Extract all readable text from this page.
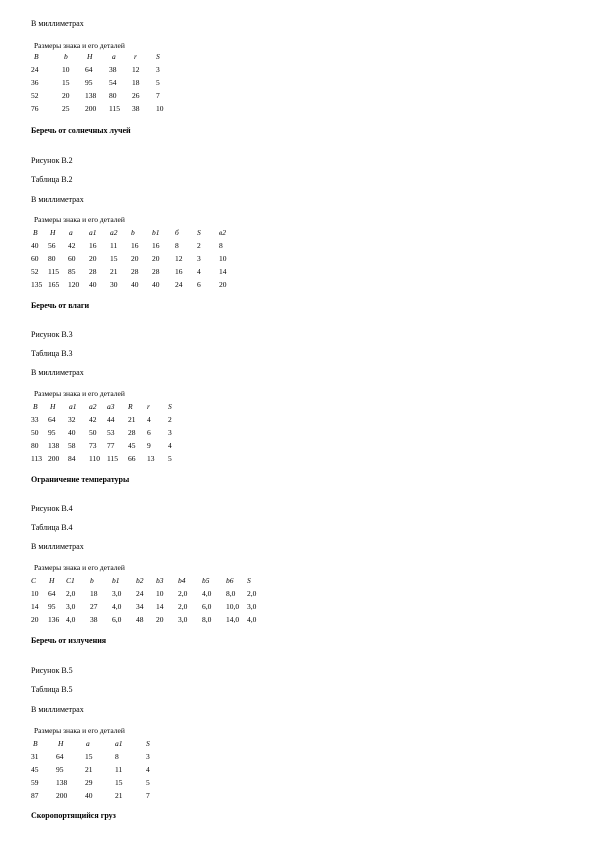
В миллиметрах
Размеры знака и его деталей
B	b	H	a r	S
24	10 64 38 12 3
36	15 95 54 18 5
52	20 138 80 26 7
76	25 200 115 38 10
Беречь от солнечных лучей
Рисунок В.2
Таблица В.2
В миллиметрах
Размеры знака и его деталей
B H a a1 a2 b b1 б S в2
40 56 42 16 11 16 16 8 2 8
60 80 60 20 15 20 20 12 3 10
52 115 85 28 21 28 28 16 4 14
135 165 120 40 30 40 40 24 6 20
Беречь от влаги
Рисунок В.3
Таблица В.3
В миллиметрах
Размеры знака и его деталей
B H a1 a2 a3 R r S
33 64 32 42 44 21 4 2
50 95 40 50 53 28 6 3
80 138 58 73 77 45 9 4
113 200 84 110 115 66 13 5
Ограничение температуры
Рисунок В.4
Таблица В.4
В миллиметрах
Размеры знака и его деталей
C H C1 b b1 b2 b3 b4 b5 b6 S
10 64 2,0 18 3,0 24 10 2,0 4,0 8,0 2,0
14 95 3,0 27 4,0 34 14 2,0 6,0 10,0 3,0
20 136 4,0 38 6,0 48 20 3,0 8,0 14,0 4,0
Беречь от излучения
Рисунок В.5
Таблица В.5
В миллиметрах
Размеры знака и его деталей
B	H	a	a1	S
31 64	15	8	3
45 95	21	11	4
59 138 29	15	5
87 200 40	21	7
Скоропортящийся груз
